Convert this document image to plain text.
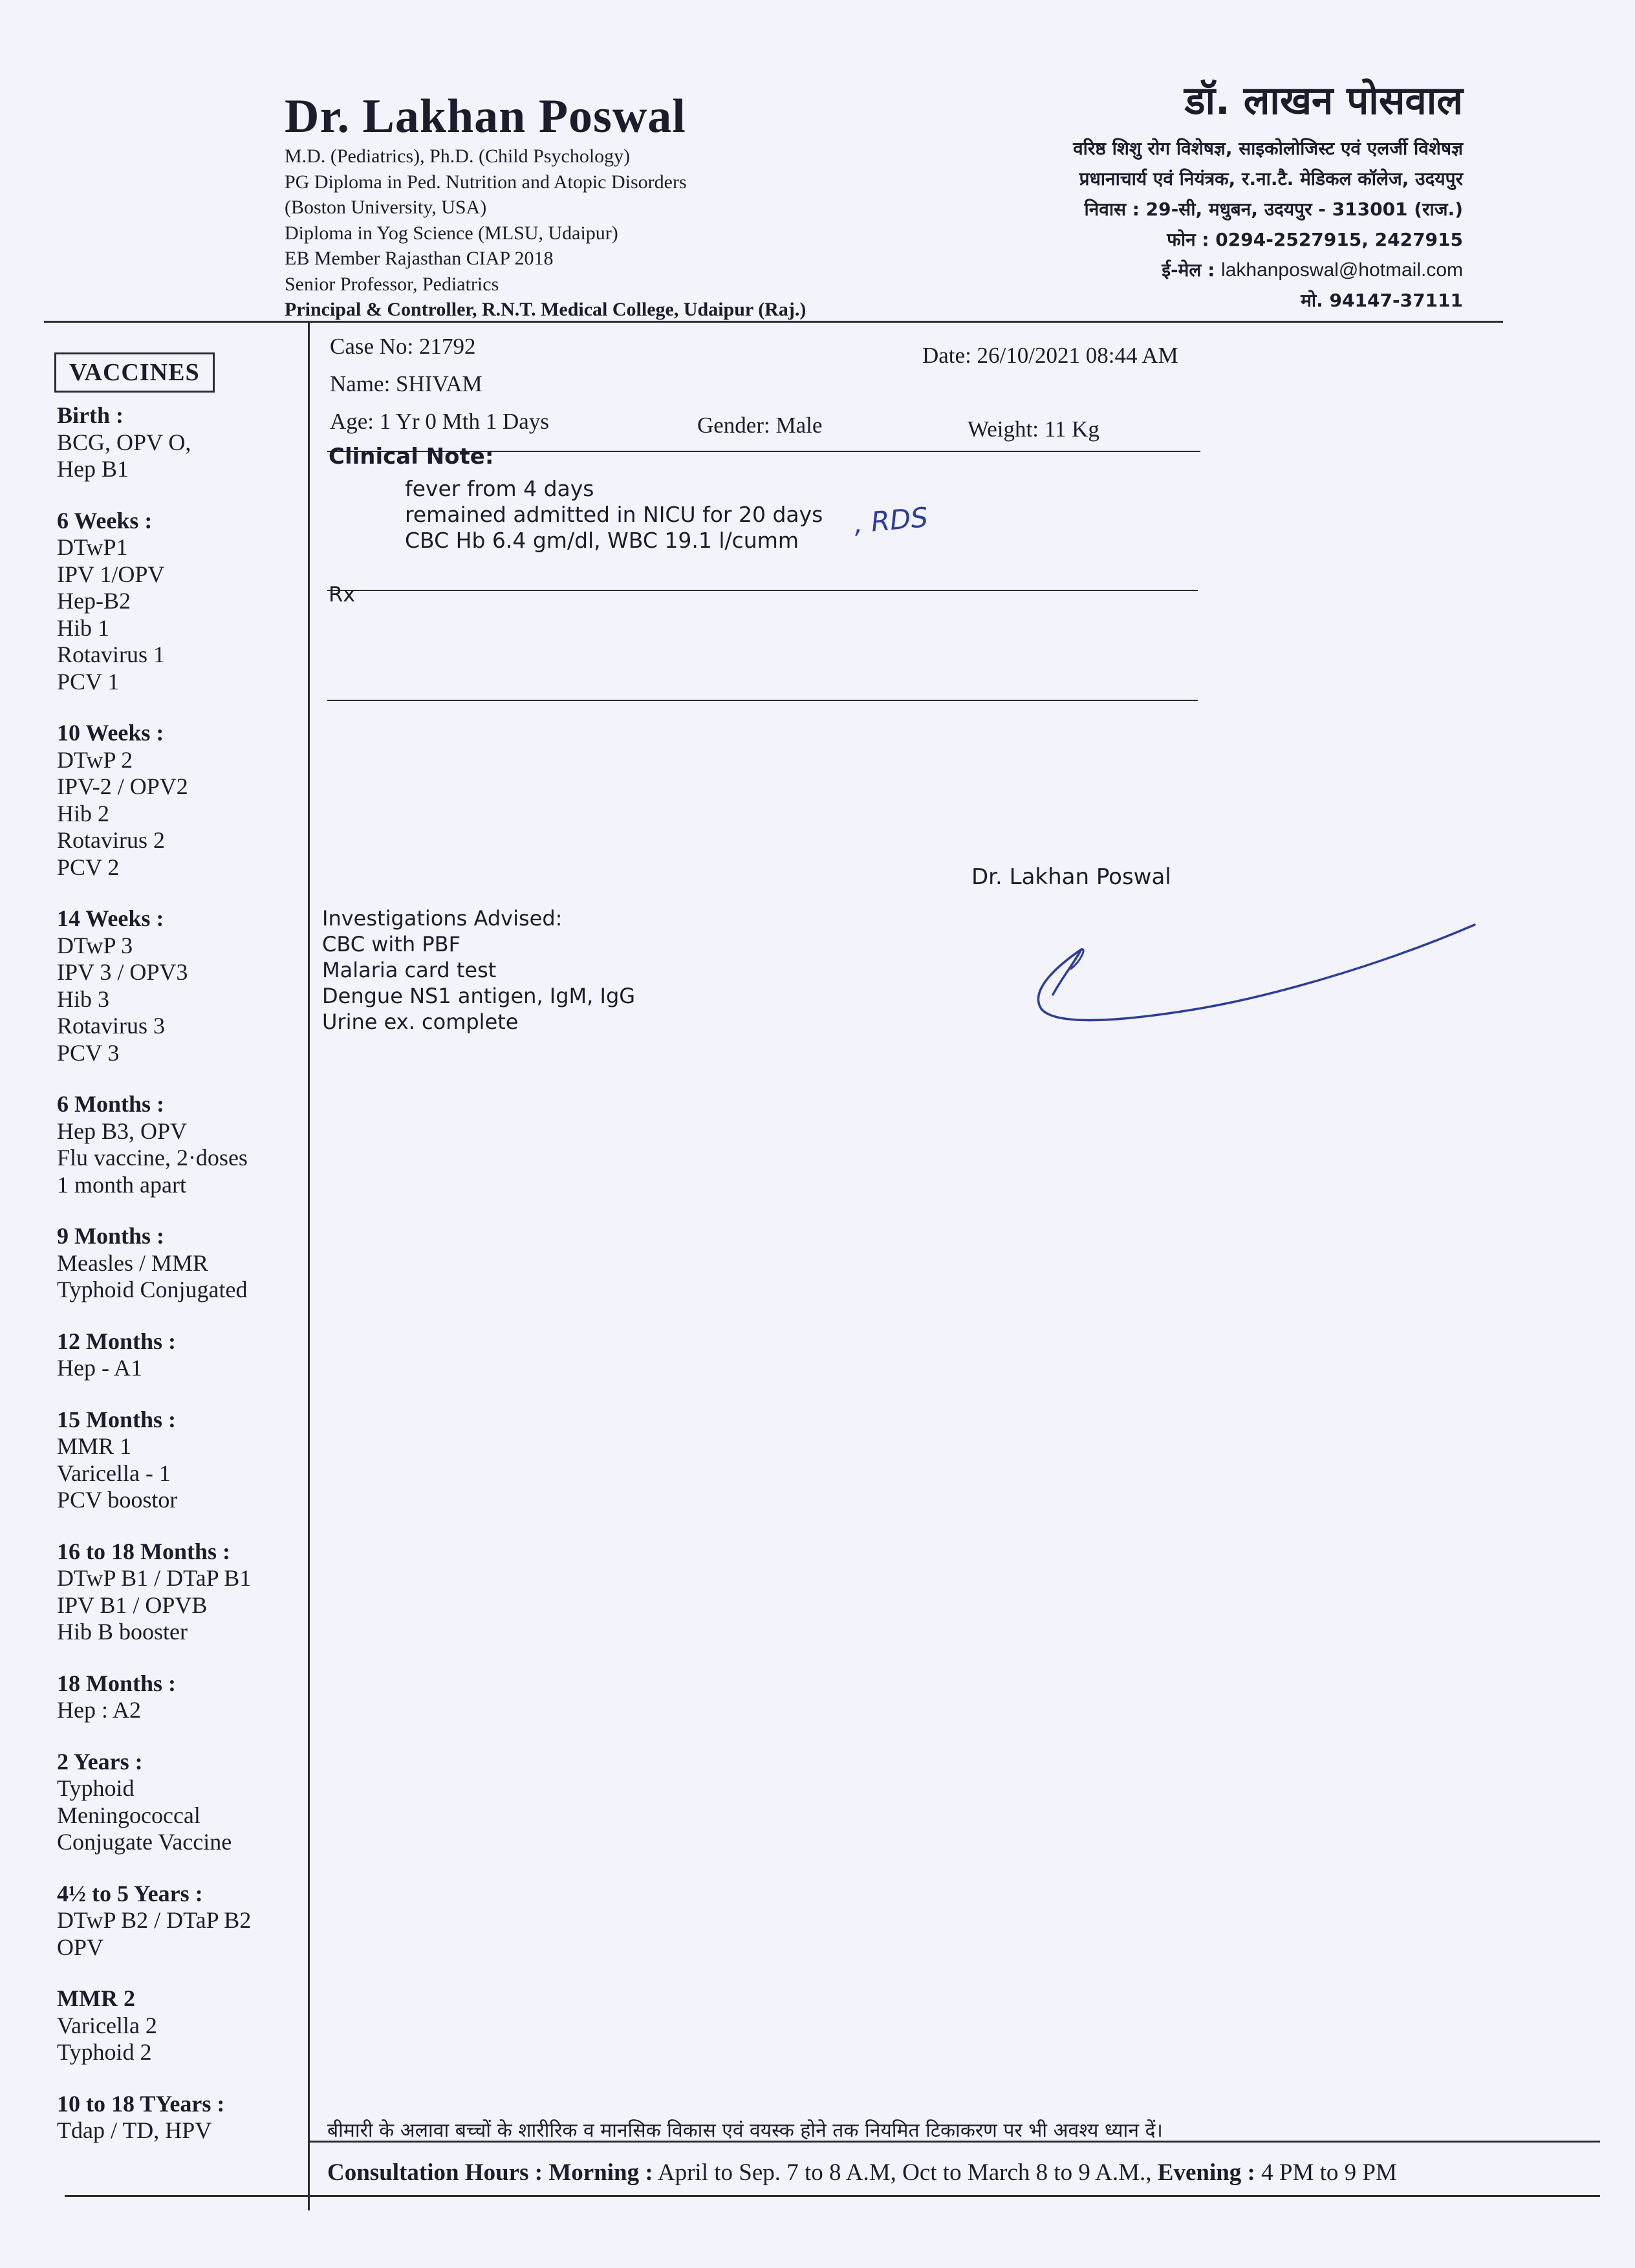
Dr. Lakhan Poswal
M.D. (Pediatrics), Ph.D. (Child Psychology)
PG Diploma in Ped. Nutrition and Atopic Disorders
(Boston University, USA)
Diploma in Yog Science (MLSU, Udaipur)
EB Member Rajasthan CIAP 2018
Senior Professor, Pediatrics
Principal & Controller, R.N.T. Medical College, Udaipur (Raj.)
डॉ. लाखन पोसवाल
वरिष्ठ शिशु रोग विशेषज्ञ, साइकोलोजिस्ट एवं एलर्जी विशेषज्ञ
प्रधानाचार्य एवं नियंत्रक, र.ना.टै. मेडिकल कॉलेज, उदयपुर
निवास : 29-सी, मधुबन, उदयपुर - 313001 (राज.)
फोन : 0294-2527915, 2427915
ई-मेल : lakhanposwal@hotmail.com
मो. 94147-37111
VACCINES
Birth :
BCG, OPV O,
Hep B1
6 Weeks :
DTwP1
IPV 1/OPV
Hep-B2
Hib 1
Rotavirus 1
PCV 1
10 Weeks :
DTwP 2
IPV-2 / OPV2
Hib 2
Rotavirus 2
PCV 2
14 Weeks :
DTwP 3
IPV 3 / OPV3
Hib 3
Rotavirus 3
PCV 3
6 Months :
Hep B3, OPV
Flu vaccine, 2·doses
1 month apart
9 Months :
Measles / MMR
Typhoid Conjugated
12 Months :
Hep - A1
15 Months :
MMR 1
Varicella - 1
PCV boostor
16 to 18 Months :
DTwP B1 / DTaP B1
IPV B1 / OPVB
Hib B booster
18 Months :
Hep : A2
2 Years :
Typhoid
Meningococcal
Conjugate Vaccine
4½ to 5 Years :
DTwP B2 / DTaP B2
OPV
MMR 2
Varicella 2
Typhoid 2
10 to 18 TYears :
Tdap / TD, HPV
Case No: 21792	Date: 26/10/2021 08:44 AM
Name: SHIVAM
Age: 1 Yr 0 Mth 1 Days	Gender: Male	Weight: 11 Kg
Clinical Note:
fever from 4 days
remained admitted in NICU for 20 days
CBC Hb 6.4 gm/dl, WBC 19.1 l/cumm
, RDS
Rx
Dr. Lakhan Poswal
Investigations Advised:
CBC with PBF
Malaria card test
Dengue NS1 antigen, IgM, IgG
Urine ex. complete
बीमारी के अलावा बच्चों के शारीरिक व मानसिक विकास एवं वयस्क होने तक नियमित टिकाकरण पर भी अवश्य ध्यान दें।
Consultation Hours : Morning : April to Sep. 7 to 8 A.M, Oct to March 8 to 9 A.M., Evening : 4 PM to 9 PM
